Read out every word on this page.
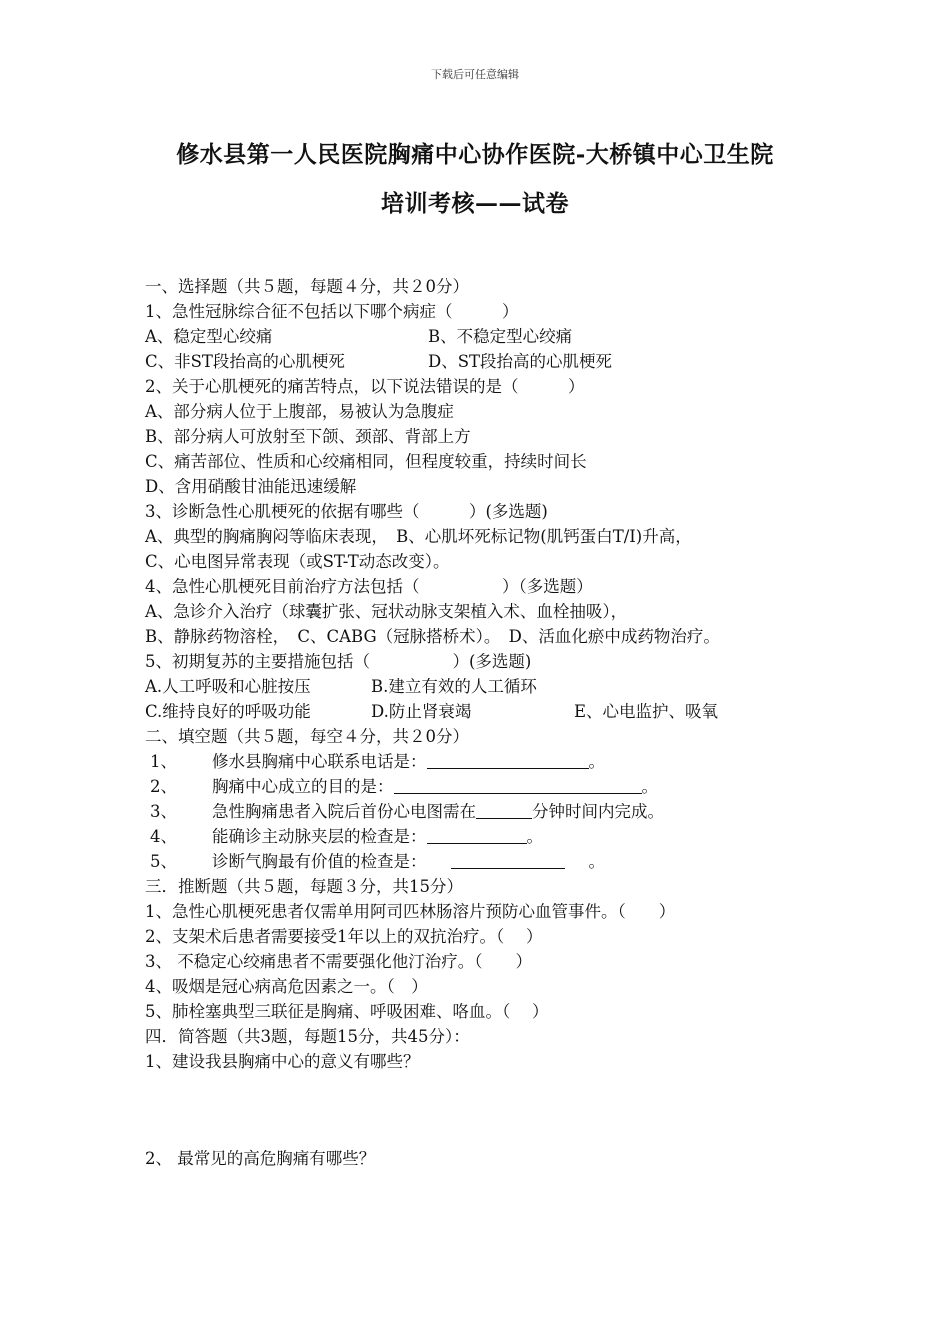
下载后可任意编辑
修水县第一人民医院胸痛中心协作医院-大桥镇中心卫生院
培训考核——试卷
一、选择题（共５题，每题４分，共２0分）
1、急性冠脉综合征不包括以下哪个病症（　　　）
A、稳定型心绞痛	B、不稳定型心绞痛
C、非ST段抬高的心肌梗死	D、ST段抬高的心肌梗死
2、关于心肌梗死的痛苦特点，以下说法错误的是（　　　）
A、部分病人位于上腹部，易被认为急腹症
B、部分病人可放射至下颌、颈部、背部上方
C、痛苦部位、性质和心绞痛相同，但程度较重，持续时间长
D、含用硝酸甘油能迅速缓解
3、诊断急性心肌梗死的依据有哪些（　　　）(多选题)
A、典型的胸痛胸闷等临床表现，　B、心肌坏死标记物(肌钙蛋白T/I)升高，
C、心电图异常表现（或ST-T动态改变）。
4、急性心肌梗死目前治疗方法包括（　　　　　）（多选题）
A、急诊介入治疗（球囊扩张、冠状动脉支架植入术、血栓抽吸），
B、静脉药物溶栓，　C、CABG（冠脉搭桥术）。　D、活血化瘀中成药物治疗。
5、初期复苏的主要措施包括（　　　　　）(多选题)
A.人工呼吸和心脏按压	B.建立有效的人工循环
C.维持良好的呼吸功能	D.防止肾衰竭	E、心电监护、吸氧
二、填空题（共５题，每空４分，共２0分）
1、 修水县胸痛中心联系电话是：	。
2、 胸痛中心成立的目的是：	。
3、 急性胸痛患者入院后首份心电图需在	分钟时间内完成。
4、 能确诊主动脉夹层的检查是：	。
5、 诊断气胸最有价值的检查是：	。
三．推断题（共５题，每题３分，共15分）
1、急性心肌梗死患者仅需单用阿司匹林肠溶片预防心血管事件。（　　）
2、支架术后患者需要接受1年以上的双抗治疗。（　 ）
3、 不稳定心绞痛患者不需要强化他汀治疗。（　　）
4、吸烟是冠心病高危因素之一。（　）
5、肺栓塞典型三联征是胸痛、呼吸困难、咯血。（　 ）
四．简答题（共3题，每题15分，共45分）：
1、建设我县胸痛中心的意义有哪些？
2、 最常见的高危胸痛有哪些？
